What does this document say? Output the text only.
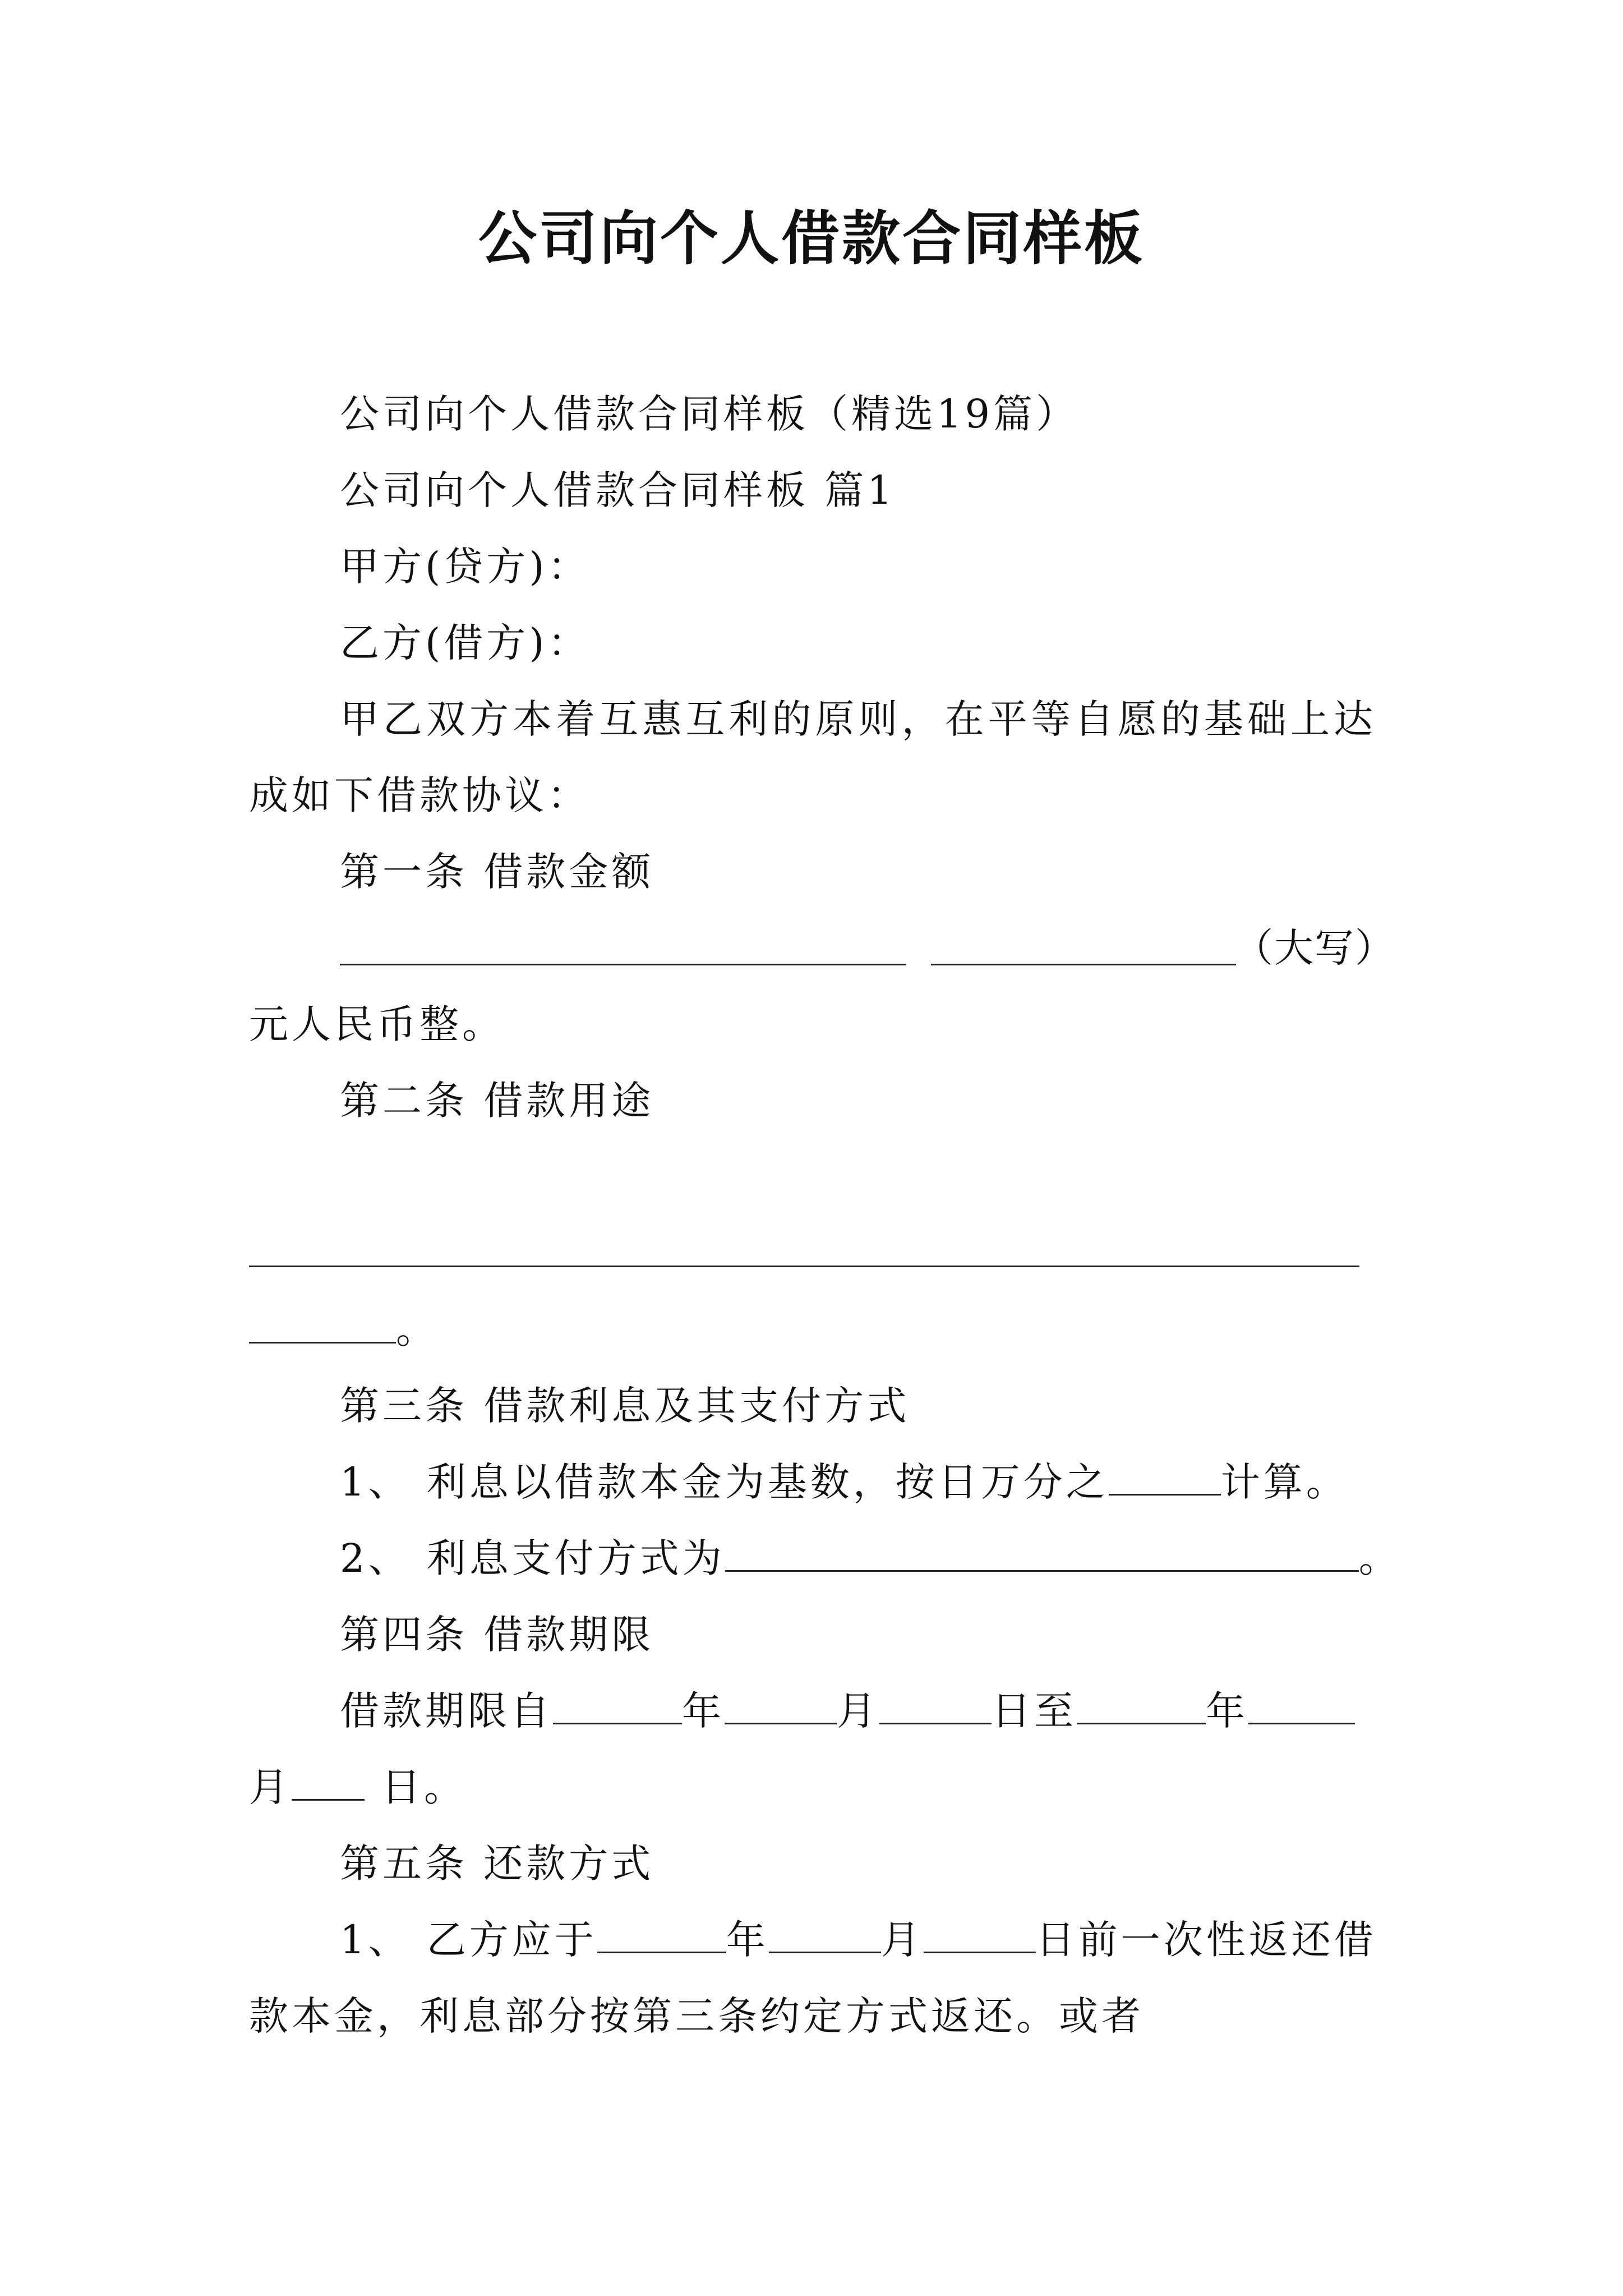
公司向个人借款合同样板
公司向个人借款合同样板（精选19篇）
公司向个人借款合同样板 篇1
甲方(贷方)：
乙方(借方)：
甲乙双方本着互惠互利的原则，在平等自愿的基础上达
成如下借款协议：
第一条 借款金额
（大写）
元人民币整。
第二条 借款用途
。
第三条 借款利息及其支付方式
1、 利息以借款本金为基数，按日万分之	计算。
2、 利息支付方式为	。
第四条 借款期限
借款期限自	年	月	日至	年
月 日。
第五条 还款方式
1、 乙方应于	年	月	日前一次性返还借
款本金，利息部分按第三条约定方式返还。或者
